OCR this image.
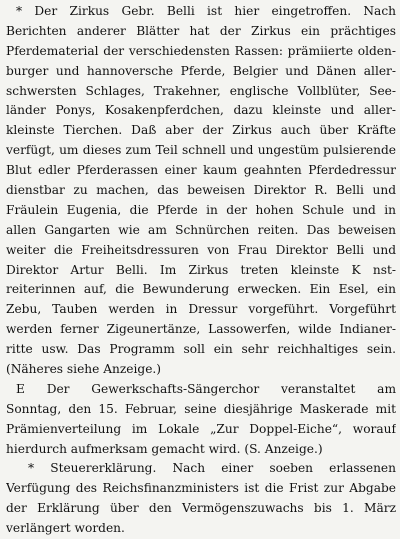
* Der Zirkus Gebr. Belli ist hier eingetroffen. Nach
Berichten anderer Blätter hat der Zirkus ein prächtiges
Pferdematerial der verschiedensten Rassen: prämiierte olden-
burger und hannoversche Pferde, Belgier und Dänen aller-
schwersten Schlages, Trakehner, englische Vollblüter, See-
länder Ponys, Kosakenpferdchen, dazu kleinste und aller-
kleinste Tierchen. Daß aber der Zirkus auch über Kräfte
verfügt, um dieses zum Teil schnell und ungestüm pulsierende
Blut edler Pferderassen einer kaum geahnten Pferdedressur
dienstbar zu machen, das beweisen Direktor R. Belli und
Fräulein Eugenia, die Pferde in der hohen Schule und in
allen Gangarten wie am Schnürchen reiten. Das beweisen
weiter die Freiheitsdressuren von Frau Direktor Belli und
Direktor Artur Belli. Im Zirkus treten kleinste K nst-
reiterinnen auf, die Bewunderung erwecken. Ein Esel, ein
Zebu, Tauben werden in Dressur vorgeführt. Vorgeführt
werden ferner Zigeunertänze, Lassowerfen, wilde Indianer-
ritte usw. Das Programm soll ein sehr reichhaltiges sein.
(Näheres siehe Anzeige.)
E Der Gewerkschafts-Sängerchor veranstaltet am
Sonntag, den 15. Februar, seine diesjährige Maskerade mit
Prämienverteilung im Lokale „Zur Doppel-Eiche“, worauf
hierdurch aufmerksam gemacht wird. (S. Anzeige.)
* Steuererklärung. Nach einer soeben erlassenen
Verfügung des Reichsfinanzministers ist die Frist zur Abgabe
der Erklärung über den Vermögenszuwachs bis 1. März
verlängert worden.
